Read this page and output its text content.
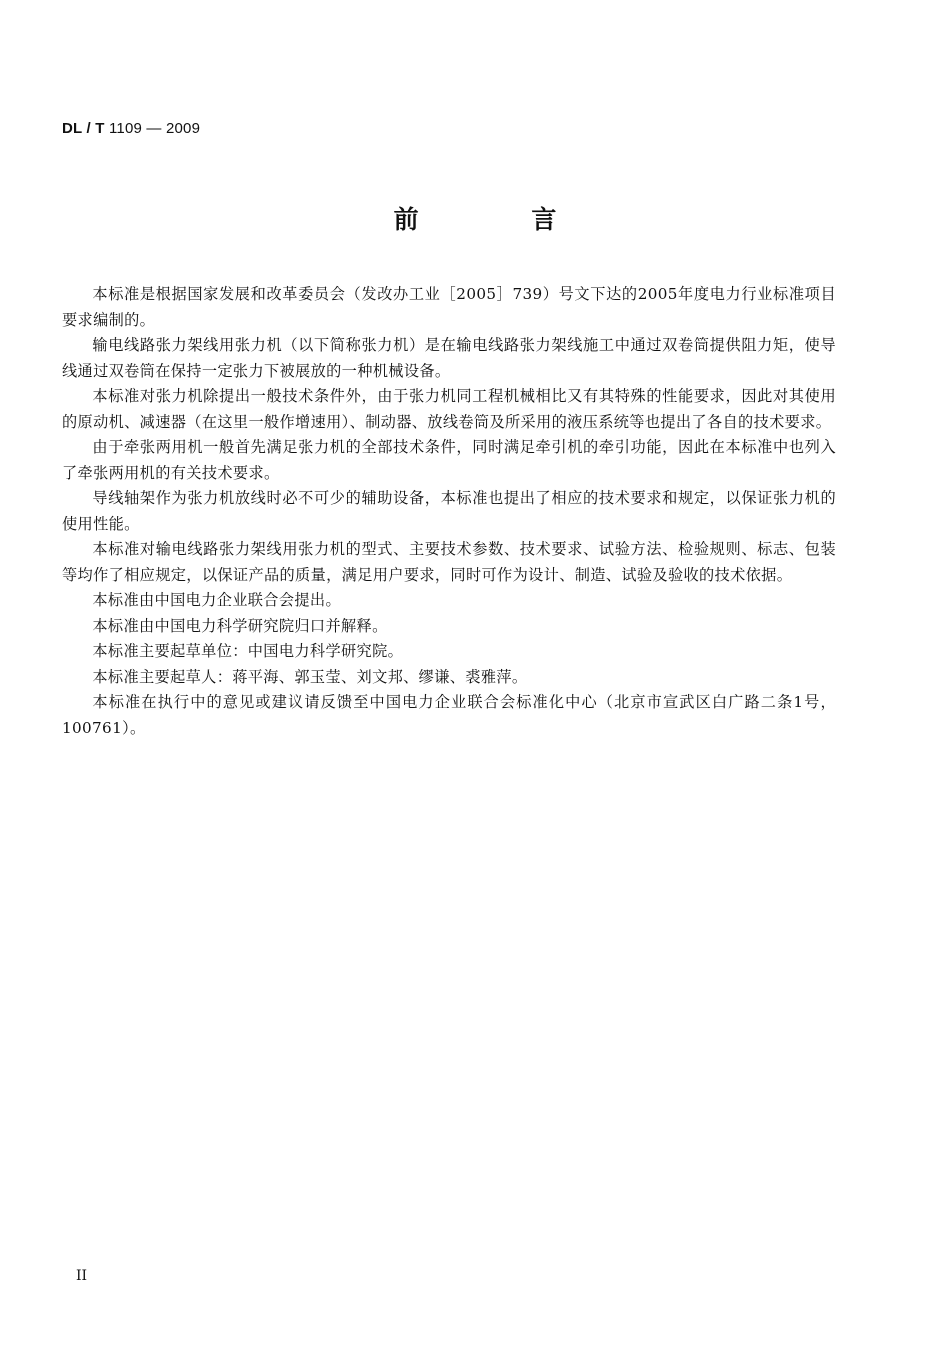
DL / T 1109 — 2009
前 言

本标准是根据国家发展和改革委员会（发改办工业［2005］739）号文下达的2005年度电力行业标准项目要求编制的。

输电线路张力架线用张力机（以下简称张力机）是在输电线路张力架线施工中通过双卷筒提供阻力矩，使导线通过双卷筒在保持一定张力下被展放的一种机械设备。

本标准对张力机除提出一般技术条件外，由于张力机同工程机械相比又有其特殊的性能要求，因此对其使用的原动机、减速器（在这里一般作增速用）、制动器、放线卷筒及所采用的液压系统等也提出了各自的技术要求。

由于牵张两用机一般首先满足张力机的全部技术条件，同时满足牵引机的牵引功能，因此在本标准中也列入了牵张两用机的有关技术要求。

导线轴架作为张力机放线时必不可少的辅助设备，本标准也提出了相应的技术要求和规定，以保证张力机的使用性能。

本标准对输电线路张力架线用张力机的型式、主要技术参数、技术要求、试验方法、检验规则、标志、包装等均作了相应规定，以保证产品的质量，满足用户要求，同时可作为设计、制造、试验及验收的技术依据。

本标准由中国电力企业联合会提出。

本标准由中国电力科学研究院归口并解释。

本标准主要起草单位：中国电力科学研究院。

本标准主要起草人：蒋平海、郭玉莹、刘文邦、缪谦、裘雅萍。

本标准在执行中的意见或建议请反馈至中国电力企业联合会标准化中心（北京市宣武区白广路二条1号，100761）。

II
